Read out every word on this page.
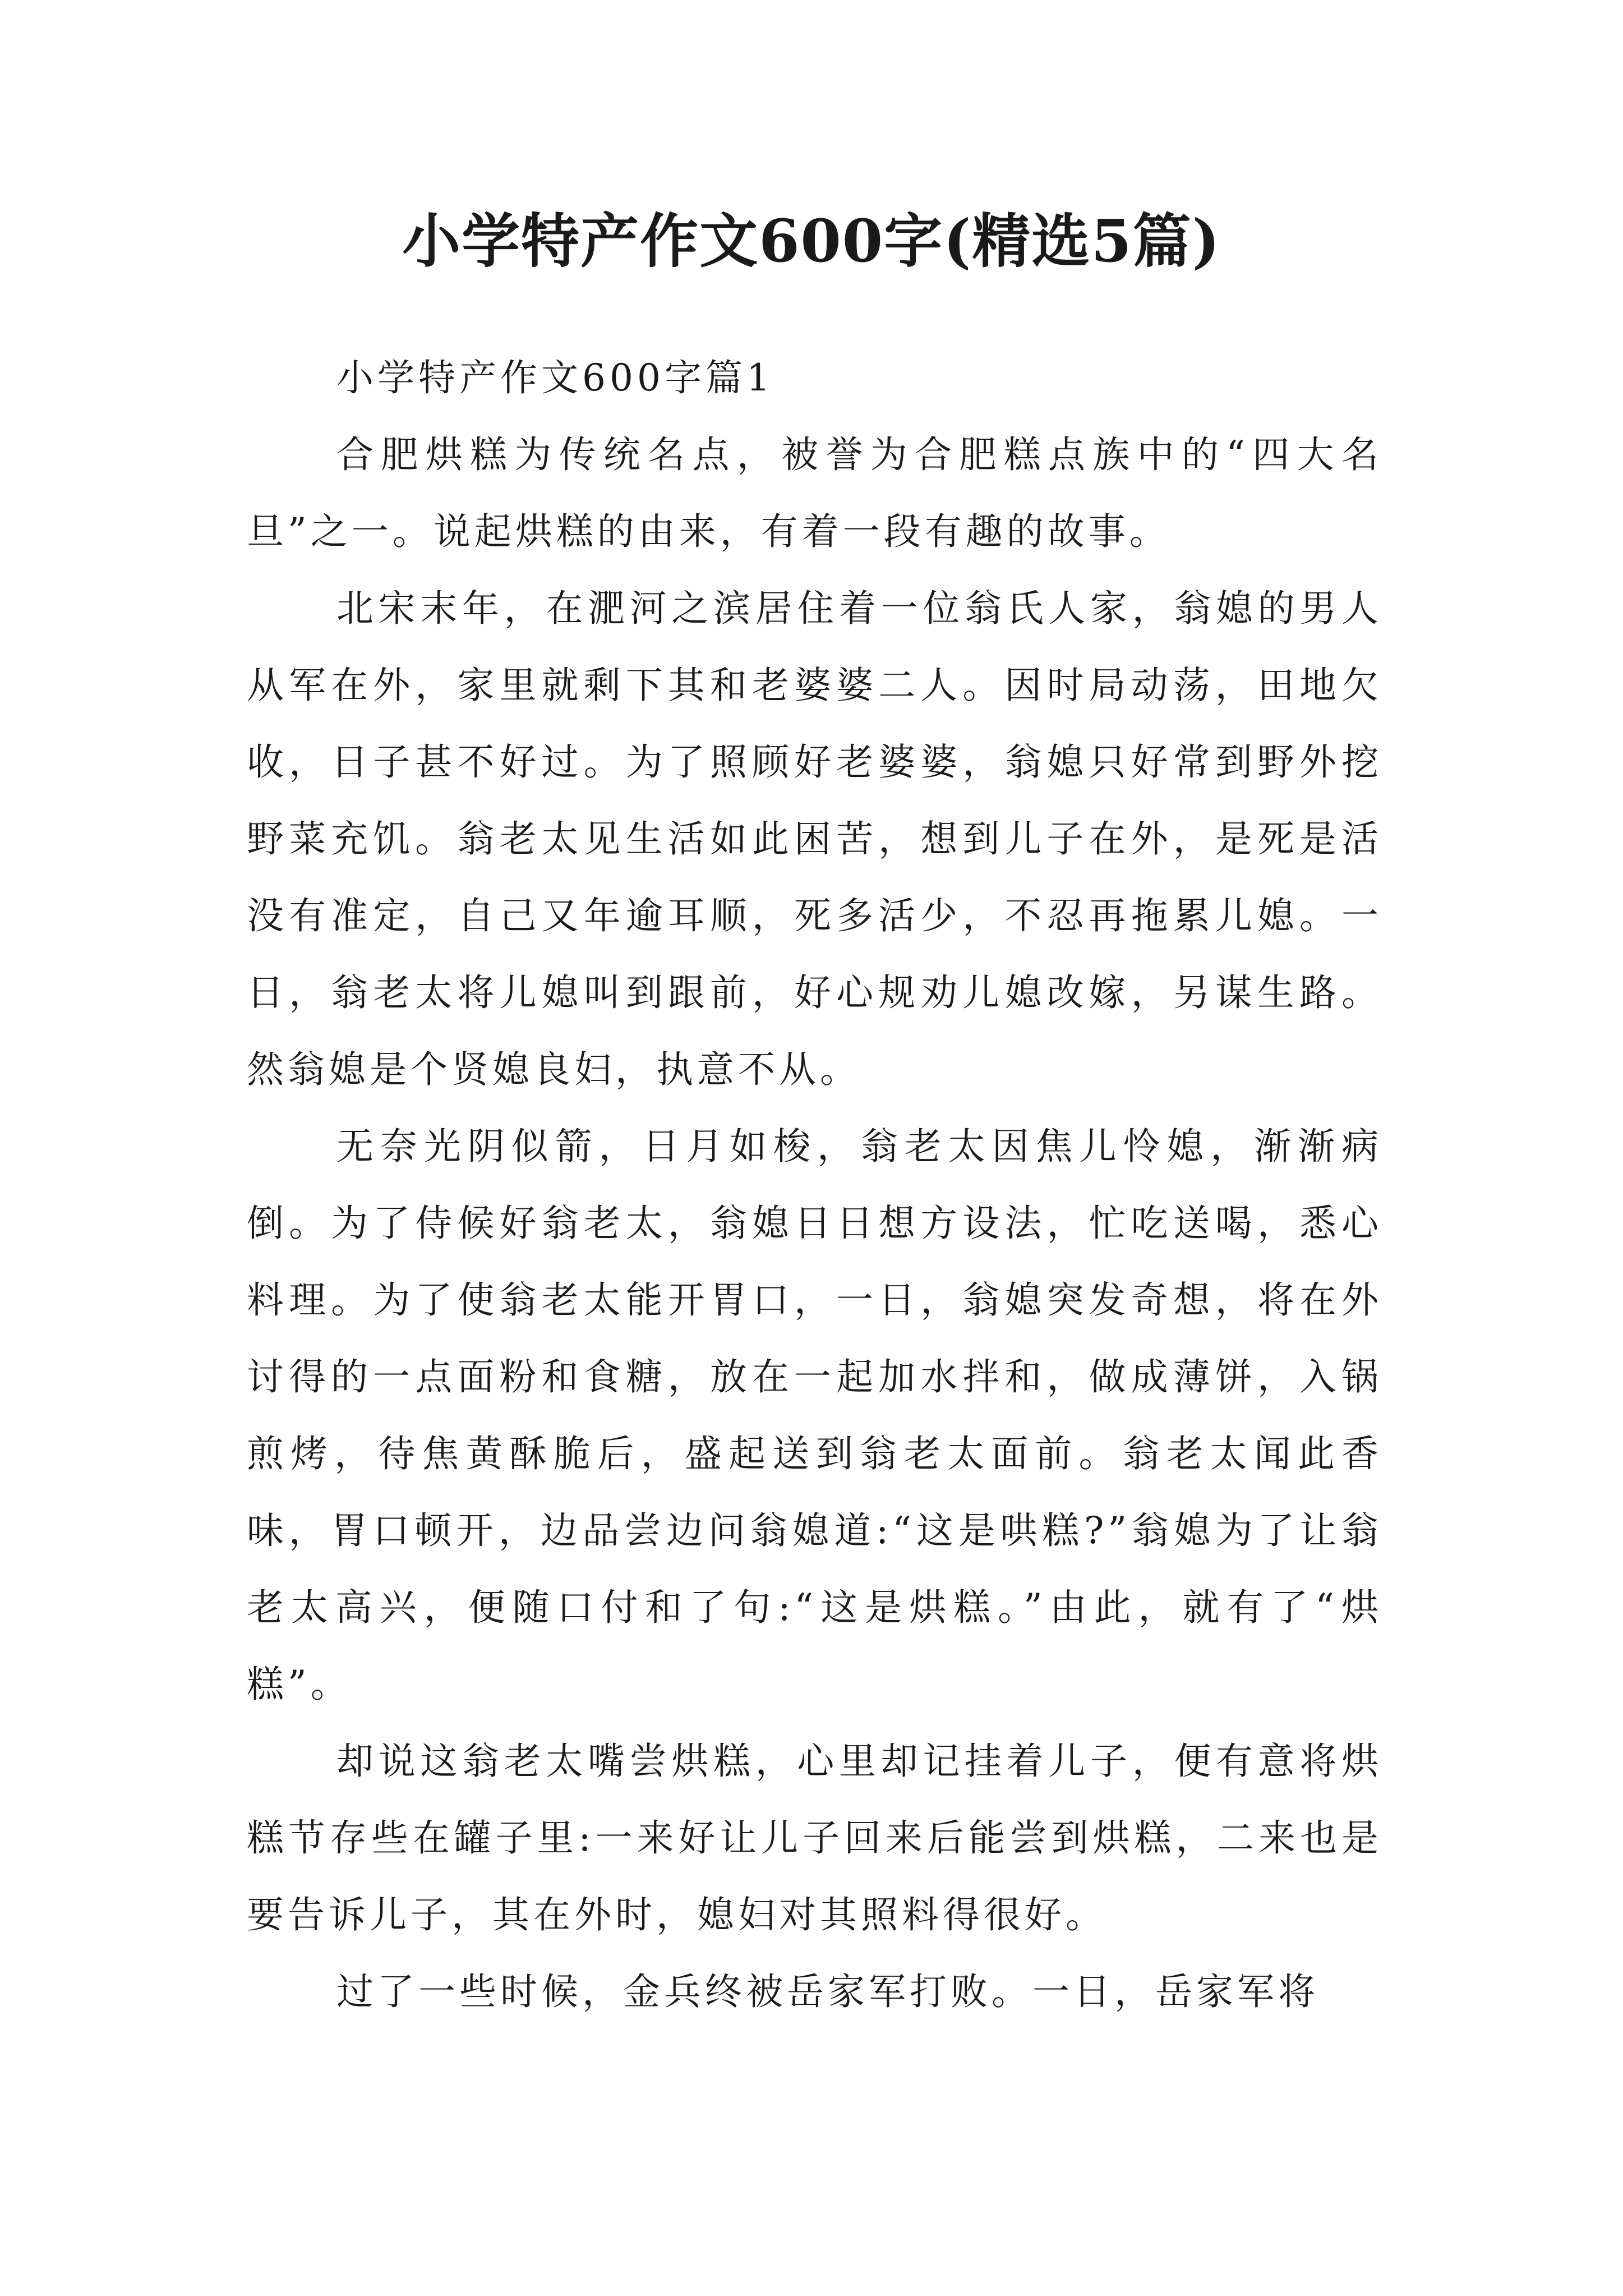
小学特产作文600字(精选5篇)

小学特产作文600字篇1

合肥烘糕为传统名点，被誉为合肥糕点族中的“四大名旦”之一。说起烘糕的由来，有着一段有趣的故事。

北宋末年，在淝河之滨居住着一位翁氏人家，翁媳的男人从军在外，家里就剩下其和老婆婆二人。因时局动荡，田地欠收，日子甚不好过。为了照顾好老婆婆，翁媳只好常到野外挖野菜充饥。翁老太见生活如此困苦，想到儿子在外，是死是活没有准定，自己又年逾耳顺，死多活少，不忍再拖累儿媳。一日，翁老太将儿媳叫到跟前，好心规劝儿媳改嫁，另谋生路。然翁媳是个贤媳良妇，执意不从。

无奈光阴似箭，日月如梭，翁老太因焦儿怜媳，渐渐病倒。为了侍候好翁老太，翁媳日日想方设法，忙吃送喝，悉心料理。为了使翁老太能开胃口，一日，翁媳突发奇想，将在外讨得的一点面粉和食糖，放在一起加水拌和，做成薄饼，入锅煎烤，待焦黄酥脆后，盛起送到翁老太面前。翁老太闻此香味，胃口顿开，边品尝边问翁媳道:“这是哄糕?”翁媳为了让翁老太高兴，便随口付和了句:“这是烘糕。”由此，就有了“烘糕”。

却说这翁老太嘴尝烘糕，心里却记挂着儿子，便有意将烘糕节存些在罐子里:一来好让儿子回来后能尝到烘糕，二来也是要告诉儿子，其在外时，媳妇对其照料得很好。

过了一些时候，金兵终被岳家军打败。一日，岳家军将
